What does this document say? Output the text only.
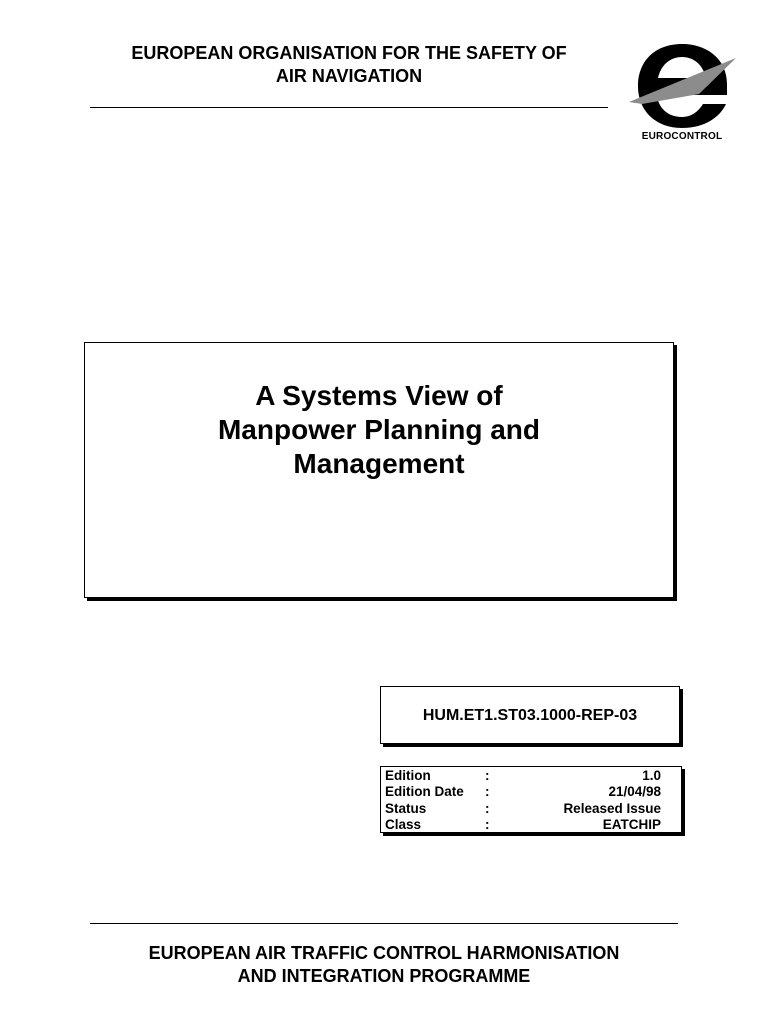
EUROPEAN ORGANISATION FOR THE SAFETY OF
AIR NAVIGATION
EUROCONTROL
A Systems View of
Manpower Planning and
Management
HUM.ET1.ST03.1000-REP-03
Edition	:	1.0
Edition Date	:	21/04/98
Status	:	Released Issue
Class	:	EATCHIP
EUROPEAN AIR TRAFFIC CONTROL HARMONISATION
AND INTEGRATION PROGRAMME
